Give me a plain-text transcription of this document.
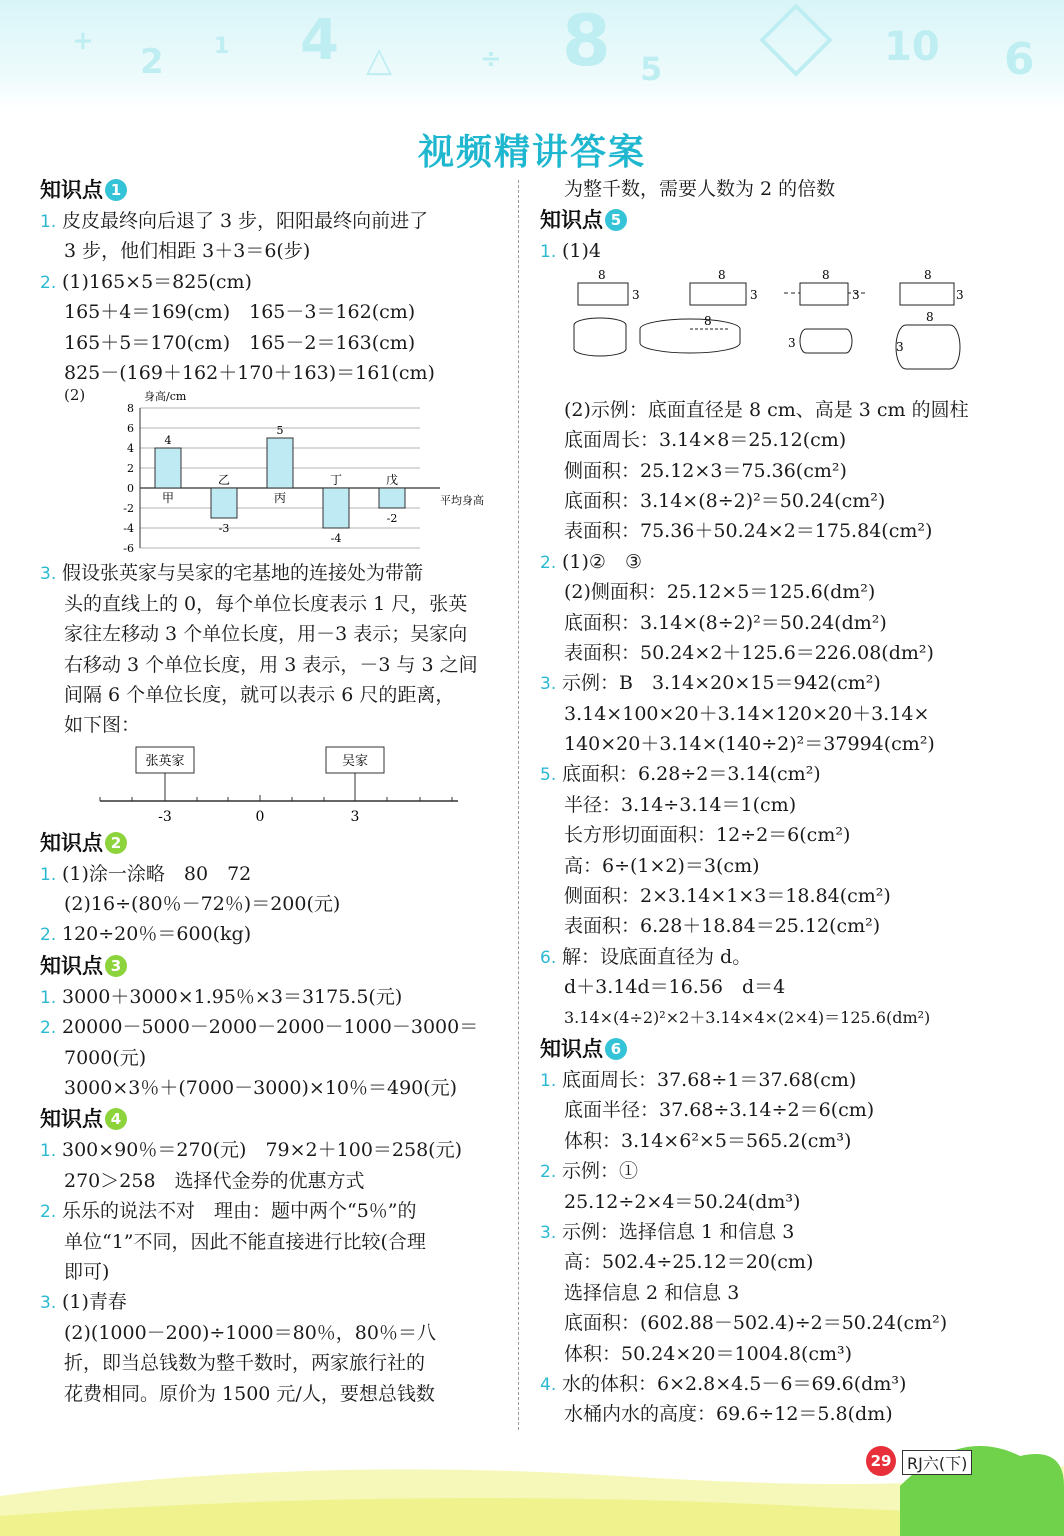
2 1 4 △	÷ 8 5	10 6
+
视频精讲答案
知识点 1
1. 皮皮最终向后退了 3 步，阳阳最终向前进了
3 步，他们相距 3＋3＝6(步)
2. (1)165×5＝825(cm)
165＋4＝169(cm)　165－3＝162(cm)
165＋5＝170(cm)　165－2＝163(cm)
825－(169＋162＋170＋163)＝161(cm)
(2)	身高/cm
8
6
4
2
0
-2
-4
-6
平均身高
甲
4
乙
-3
丙
5
丁
-4
戊
-2
3. 假设张英家与吴家的宅基地的连接处为带箭
头的直线上的 0，每个单位长度表示 1 尺，张英
家往左移动 3 个单位长度，用－3 表示；吴家向
右移动 3 个单位长度，用 3 表示，－3 与 3 之间
间隔 6 个单位长度，就可以表示 6 尺的距离，
如下图：
张英家	吴家
-3	0	3
知识点 2
1. (1)涂一涂略　80　72
(2)16÷(80％－72％)＝200(元)
2. 120÷20％＝600(kg)
知识点 3
1. 3000＋3000×1.95％×3＝3175.5(元)
2. 20000－5000－2000－2000－1000－3000＝
7000(元)
3000×3％＋(7000－3000)×10％＝490(元)
知识点 4
1. 300×90％＝270(元)　79×2＋100＝258(元)
270＞258　选择代金券的优惠方式
2. 乐乐的说法不对　理由：题中两个“5％”的
单位“1”不同，因此不能直接进行比较(合理
即可)
3. (1)青春
(2)(1000－200)÷1000＝80％，80％＝八
折，即当总钱数为整千数时，两家旅行社的
花费相同。原价为 1500 元/人，要想总钱数
为整千数，需要人数为 2 的倍数
知识点 5
1. (1)4
8
3
8
3
8
8
3
3
8
3
8
3
(2)示例：底面直径是 8 cm、高是 3 cm 的圆柱
底面周长：3.14×8＝25.12(cm)
侧面积：25.12×3＝75.36(cm²)
底面积：3.14×(8÷2)²＝50.24(cm²)
表面积：75.36＋50.24×2＝175.84(cm²)
2. (1)②　③
(2)侧面积：25.12×5＝125.6(dm²)
底面积：3.14×(8÷2)²＝50.24(dm²)
表面积：50.24×2＋125.6＝226.08(dm²)
3. 示例：B　3.14×20×15＝942(cm²)
3.14×100×20＋3.14×120×20＋3.14×
140×20＋3.14×(140÷2)²＝37994(cm²)
5. 底面积：6.28÷2＝3.14(cm²)
半径：3.14÷3.14＝1(cm)
长方形切面面积：12÷2＝6(cm²)
高：6÷(1×2)＝3(cm)
侧面积：2×3.14×1×3＝18.84(cm²)
表面积：6.28＋18.84＝25.12(cm²)
6. 解：设底面直径为 d。
d＋3.14d＝16.56　d＝4
3.14×(4÷2)²×2＋3.14×4×(2×4)＝125.6(dm²)
知识点 6
1. 底面周长：37.68÷1＝37.68(cm)
底面半径：37.68÷3.14÷2＝6(cm)
体积：3.14×6²×5＝565.2(cm³)
2. 示例：①
25.12÷2×4＝50.24(dm³)
3. 示例：选择信息 1 和信息 3
高：502.4÷25.12＝20(cm)
选择信息 2 和信息 3
底面积：(602.88－502.4)÷2＝50.24(cm²)
体积：50.24×20＝1004.8(cm³)
4. 水的体积：6×2.8×4.5－6＝69.6(dm³)
水桶内水的高度：69.6÷12＝5.8(dm)
29 RJ六(下)
